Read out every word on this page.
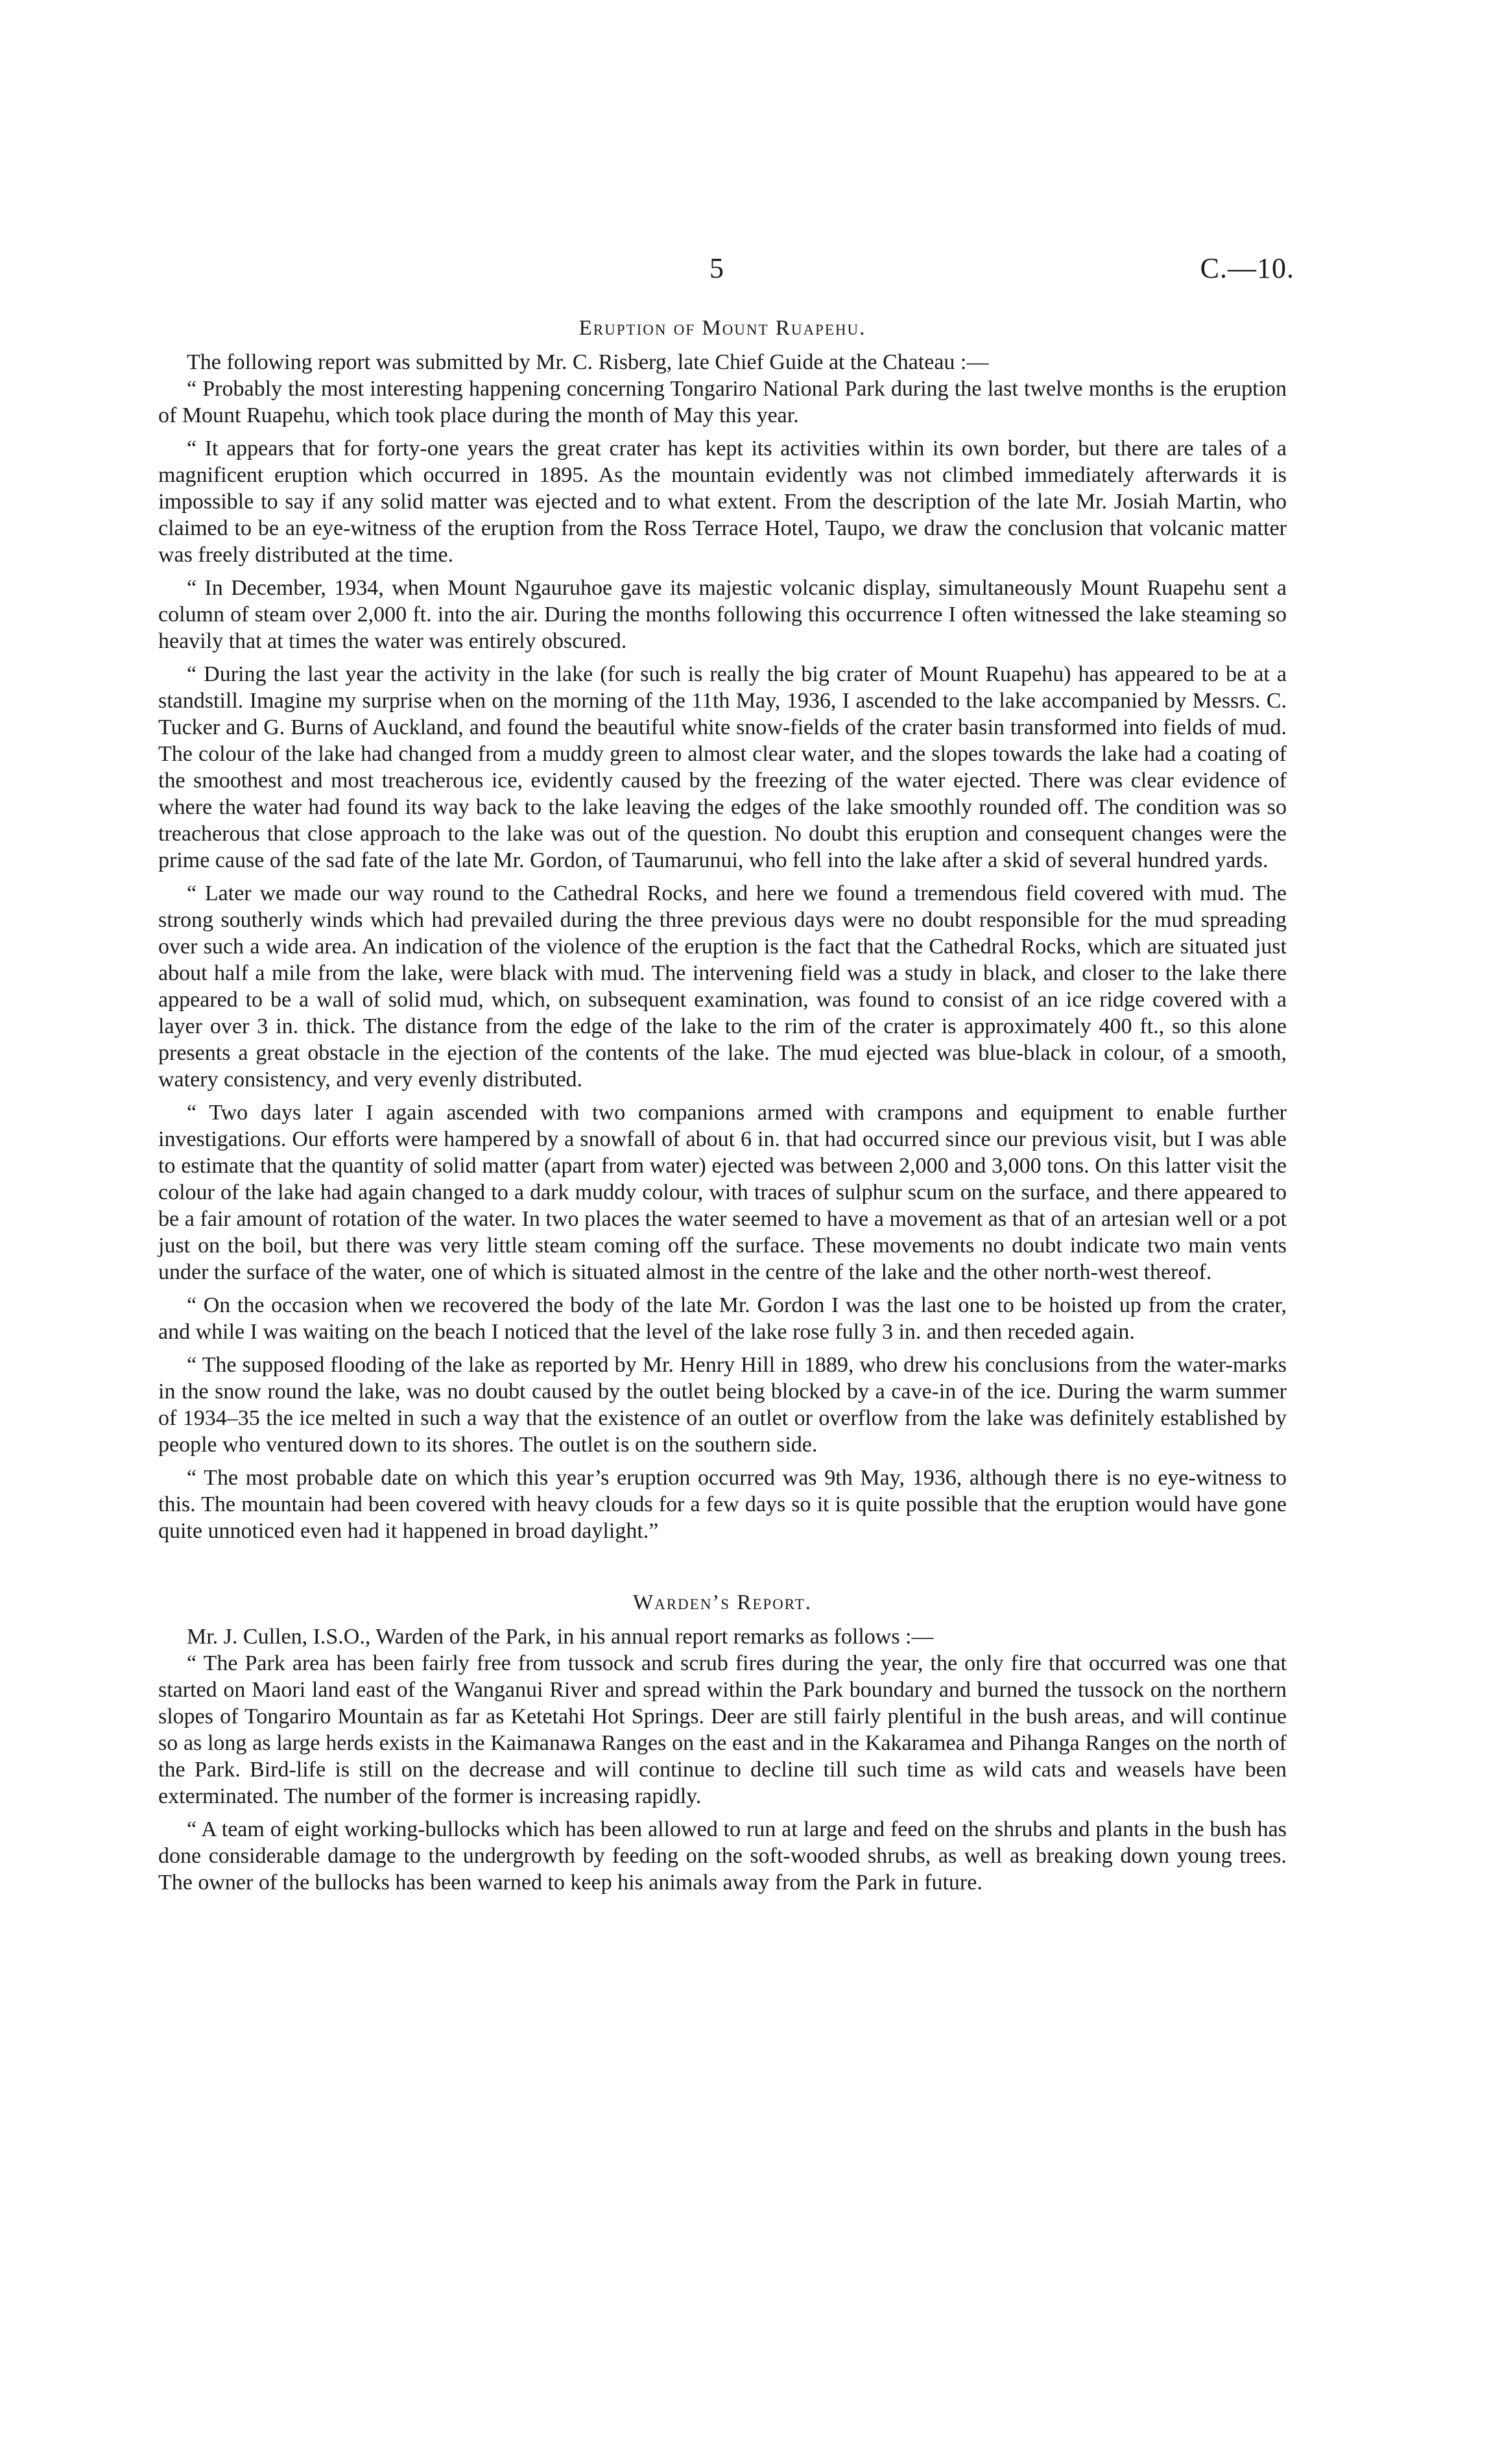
5	C.—10.
Eruption of Mount Ruapehu.

The following report was submitted by Mr. C. Risberg, late Chief Guide at the Chateau :—

“ Probably the most interesting happening concerning Tongariro National Park during the last twelve months is the eruption of Mount Ruapehu, which took place during the month of May this year.

“ It appears that for forty-one years the great crater has kept its activities within its own border, but there are tales of a magnificent eruption which occurred in 1895. As the mountain evidently was not climbed immediately afterwards it is impossible to say if any solid matter was ejected and to what extent. From the description of the late Mr. Josiah Martin, who claimed to be an eye-witness of the eruption from the Ross Terrace Hotel, Taupo, we draw the conclusion that volcanic matter was freely distributed at the time.

“ In December, 1934, when Mount Ngauruhoe gave its majestic volcanic display, simultaneously Mount Ruapehu sent a column of steam over 2,000 ft. into the air. During the months following this occurrence I often witnessed the lake steaming so heavily that at times the water was entirely obscured.

“ During the last year the activity in the lake (for such is really the big crater of Mount Ruapehu) has appeared to be at a standstill. Imagine my surprise when on the morning of the 11th May, 1936, I ascended to the lake accompanied by Messrs. C. Tucker and G. Burns of Auckland, and found the beautiful white snow-fields of the crater basin transformed into fields of mud. The colour of the lake had changed from a muddy green to almost clear water, and the slopes towards the lake had a coating of the smoothest and most treacherous ice, evidently caused by the freezing of the water ejected. There was clear evidence of where the water had found its way back to the lake leaving the edges of the lake smoothly rounded off. The condition was so treacherous that close approach to the lake was out of the question. No doubt this eruption and consequent changes were the prime cause of the sad fate of the late Mr. Gordon, of Taumarunui, who fell into the lake after a skid of several hundred yards.

“ Later we made our way round to the Cathedral Rocks, and here we found a tremendous field covered with mud. The strong southerly winds which had prevailed during the three previous days were no doubt responsible for the mud spreading over such a wide area. An indication of the violence of the eruption is the fact that the Cathedral Rocks, which are situated just about half a mile from the lake, were black with mud. The intervening field was a study in black, and closer to the lake there appeared to be a wall of solid mud, which, on subsequent examination, was found to consist of an ice ridge covered with a layer over 3 in. thick. The distance from the edge of the lake to the rim of the crater is approximately 400 ft., so this alone presents a great obstacle in the ejection of the contents of the lake. The mud ejected was blue-black in colour, of a smooth, watery consistency, and very evenly distributed.

“ Two days later I again ascended with two companions armed with crampons and equipment to enable further investigations. Our efforts were hampered by a snowfall of about 6 in. that had occurred since our previous visit, but I was able to estimate that the quantity of solid matter (apart from water) ejected was between 2,000 and 3,000 tons. On this latter visit the colour of the lake had again changed to a dark muddy colour, with traces of sulphur scum on the surface, and there appeared to be a fair amount of rotation of the water. In two places the water seemed to have a movement as that of an artesian well or a pot just on the boil, but there was very little steam coming off the surface. These movements no doubt indicate two main vents under the surface of the water, one of which is situated almost in the centre of the lake and the other north-west thereof.

“ On the occasion when we recovered the body of the late Mr. Gordon I was the last one to be hoisted up from the crater, and while I was waiting on the beach I noticed that the level of the lake rose fully 3 in. and then receded again.

“ The supposed flooding of the lake as reported by Mr. Henry Hill in 1889, who drew his conclusions from the water-marks in the snow round the lake, was no doubt caused by the outlet being blocked by a cave-in of the ice. During the warm summer of 1934–35 the ice melted in such a way that the existence of an outlet or overflow from the lake was definitely established by people who ventured down to its shores. The outlet is on the southern side.

“ The most probable date on which this year’s eruption occurred was 9th May, 1936, although there is no eye-witness to this. The mountain had been covered with heavy clouds for a few days so it is quite possible that the eruption would have gone quite unnoticed even had it happened in broad daylight.”

Warden’s Report.

Mr. J. Cullen, I.S.O., Warden of the Park, in his annual report remarks as follows :—

“ The Park area has been fairly free from tussock and scrub fires during the year, the only fire that occurred was one that started on Maori land east of the Wanganui River and spread within the Park boundary and burned the tussock on the northern slopes of Tongariro Mountain as far as Ketetahi Hot Springs. Deer are still fairly plentiful in the bush areas, and will continue so as long as large herds exists in the Kaimanawa Ranges on the east and in the Kakaramea and Pihanga Ranges on the north of the Park. Bird-life is still on the decrease and will continue to decline till such time as wild cats and weasels have been exterminated. The number of the former is increasing rapidly.

“ A team of eight working-bullocks which has been allowed to run at large and feed on the shrubs and plants in the bush has done considerable damage to the undergrowth by feeding on the soft-wooded shrubs, as well as breaking down young trees. The owner of the bullocks has been warned to keep his animals away from the Park in future.
